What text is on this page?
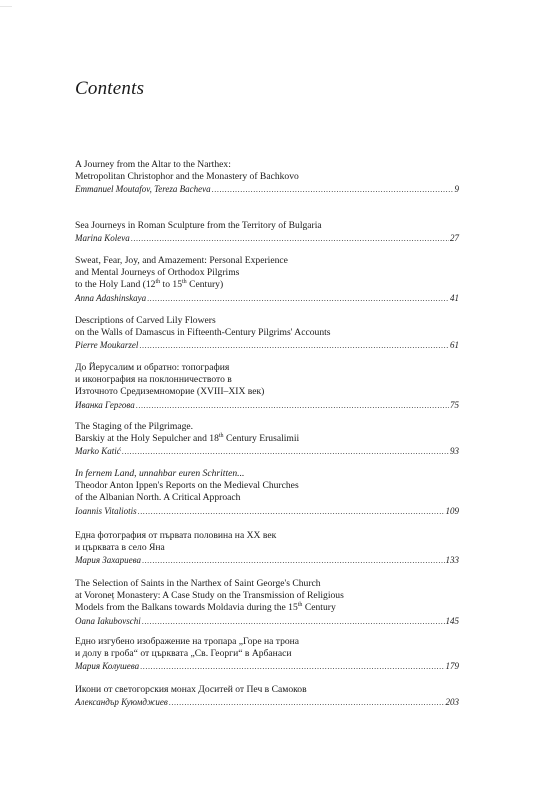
Contents
A Journey from the Altar to the Narthex:
Metropolitan Christophor and the Monastery of Bachkovo
Emmanuel Moutafov, Tereza Bacheva .....	9
Sea Journeys in Roman Sculpture from the Territory of Bulgaria
Marina Koleva .....	27
Sweat, Fear, Joy, and Amazement: Personal Experience
and Mental Journeys of Orthodox Pilgrims
to the Holy Land (12th to 15th Century)
Anna Adashinskaya .....	41
Descriptions of Carved Lily Flowers
on the Walls of Damascus in Fifteenth-Century Pilgrims' Accounts
Pierre Moukarzel .....	61
До Йерусалим и обратно: топография
и иконография на поклонничеството в
Източното Средиземноморие (XVIII–XIX век)
Иванка Гергова .....	75
The Staging of the Pilgrimage.
Barskiy at the Holy Sepulcher and 18th Century Erusalimii
Marko Katić .....	93
In fernem Land, unnahbar euren Schritten...
Theodor Anton Ippen's Reports on the Medieval Churches
of the Albanian North. A Critical Approach
Ioannis Vitaliotis .....	109
Една фотография от първата половина на XX век
и църквата в село Яна
Мария Захариева .....	133
The Selection of Saints in the Narthex of Saint George's Church
at Voroneț Monastery: A Case Study on the Transmission of Religious
Models from the Balkans towards Moldavia during the 15th Century
Oana Iakubovschi .....	145
Едно изгубено изображение на тропара „Горе на трона
и долу в гроба“ от църквата „Св. Георги“ в Арбанаси
Мария Колушева .....	179
Икони от светогорския монах Доситей от Печ в Самоков
Александър Куюмджиев .....	203
